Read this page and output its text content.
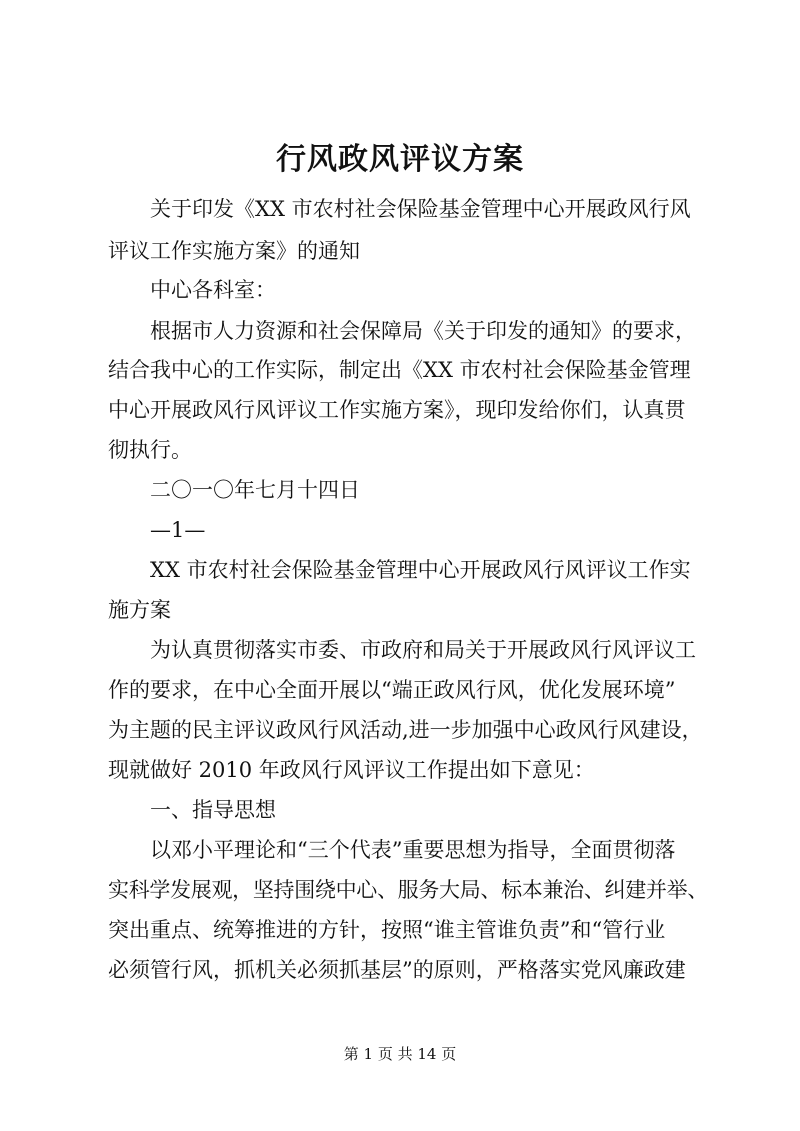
行风政风评议方案
关于印发《XX 市农村社会保险基金管理中心开展政风行风
评议工作实施方案》的通知
中心各科室：
根据市人力资源和社会保障局《关于印发的通知》的要求，
结合我中心的工作实际，制定出《XX 市农村社会保险基金管理
中心开展政风行风评议工作实施方案》，现印发给你们，认真贯
彻执行。
二〇一〇年七月十四日
—1—
XX 市农村社会保险基金管理中心开展政风行风评议工作实
施方案
为认真贯彻落实市委、市政府和局关于开展政风行风评议工
作的要求，在中心全面开展以“端正政风行风，优化发展环境”
为主题的民主评议政风行风活动,进一步加强中心政风行风建设，
现就做好 2010 年政风行风评议工作提出如下意见：
一、指导思想
以邓小平理论和“三个代表”重要思想为指导，全面贯彻落
实科学发展观，坚持围绕中心、服务大局、标本兼治、纠建并举、
突出重点、统筹推进的方针，按照“谁主管谁负责”和“管行业
必须管行风，抓机关必须抓基层”的原则，严格落实党风廉政建
第 1 页 共 14 页
